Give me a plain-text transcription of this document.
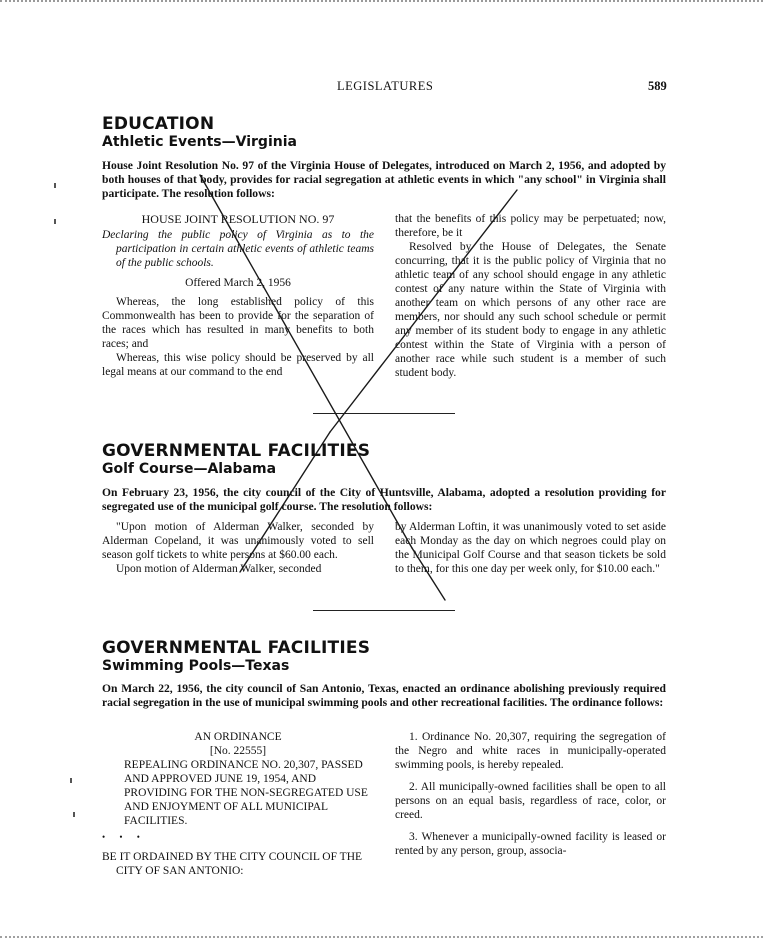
LEGISLATURES	589
EDUCATION
Athletic Events—Virginia

House Joint Resolution No. 97 of the Virginia House of Delegates, introduced on March 2, 1956, and adopted by both houses of that body, provides for racial segregation at athletic events in which "any school" in Virginia shall participate. The resolution follows:

HOUSE JOINT RESOLUTION NO. 97

Declaring the public policy of Virginia as to the participation in certain athletic events of athletic teams of the public schools.

Offered March 2, 1956

Whereas, the long established policy of this Commonwealth has been to provide for the separation of the races which has resulted in many benefits to both races; and

Whereas, this wise policy should be preserved by all legal means at our command to the end

that the benefits of this policy may be perpetuated; now, therefore, be it

Resolved by the House of Delegates, the Senate concurring, that it is the public policy of Virginia that no athletic team of any school should engage in any athletic contest of any nature within the State of Virginia with another team on which persons of any other race are members, nor should any such school schedule or permit any member of its student body to engage in any athletic contest within the State of Virginia with a person of another race while such student is a member of such student body.

GOVERNMENTAL FACILITIES
Golf Course—Alabama

On February 23, 1956, the city council of the City of Huntsville, Alabama, adopted a resolution providing for segregated use of the municipal golf course. The resolution follows:

"Upon motion of Alderman Walker, seconded by Alderman Copeland, it was unanimously voted to sell season golf tickets to white persons at $60.00 each.

Upon motion of Alderman Walker, seconded

by Alderman Loftin, it was unanimously voted to set aside each Monday as the day on which negroes could play on the Municipal Golf Course and that season tickets be sold to them, for this one day per week only, for $10.00 each."

GOVERNMENTAL FACILITIES
Swimming Pools—Texas

On March 22, 1956, the city council of San Antonio, Texas, enacted an ordinance abolishing previously required racial segregation in the use of municipal swimming pools and other recreational facilities. The ordinance follows:

AN ORDINANCE

[No. 22555]

REPEALING ORDINANCE NO. 20,307, PASSED AND APPROVED JUNE 19, 1954, AND PROVIDING FOR THE NON-SEGREGATED USE AND ENJOYMENT OF ALL MUNICIPAL FACILITIES.

• • •

BE IT ORDAINED BY THE CITY COUNCIL OF THE CITY OF SAN ANTONIO:

1. Ordinance No. 20,307, requiring the segregation of the Negro and white races in municipally-operated swimming pools, is hereby repealed.

2. All municipally-owned facilities shall be open to all persons on an equal basis, regardless of race, color, or creed.

3. Whenever a municipally-owned facility is leased or rented by any person, group, associa-
